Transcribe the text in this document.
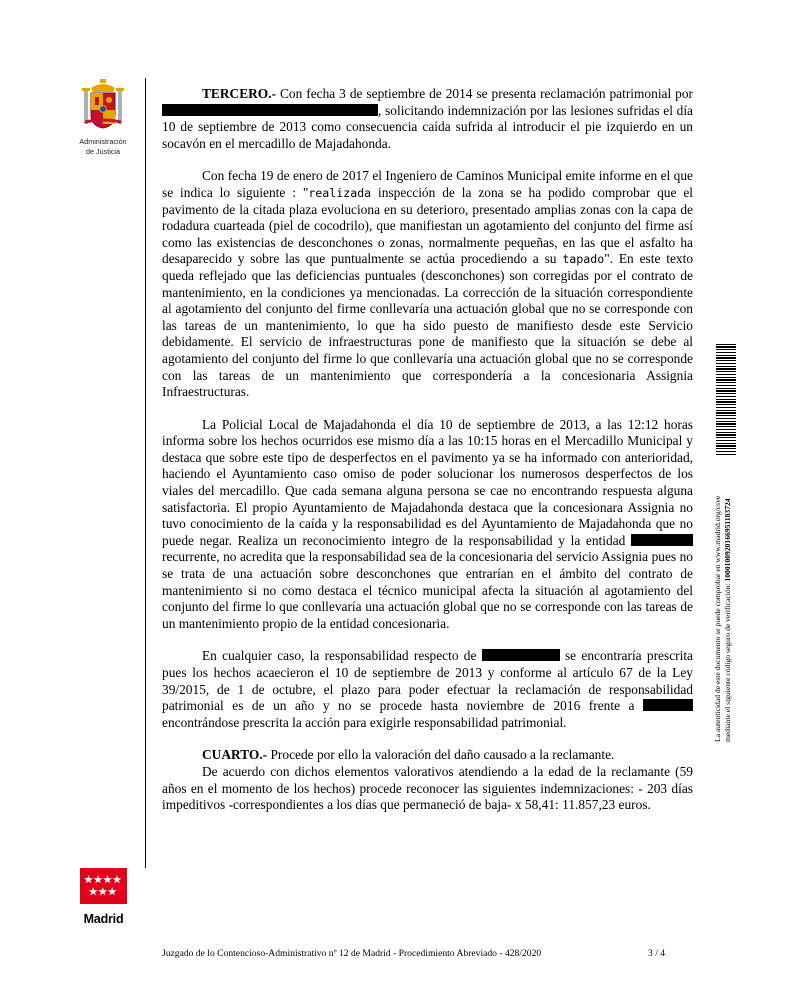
Administración
de Justicia

TERCERO.- Con fecha 3 de septiembre de 2014 se presenta reclamación patrimonial por , solicitando indemnización por las lesiones sufridas el día 10 de septiembre de 2013 como consecuencia caída sufrida al introducir el pie izquierdo en un socavón en el mercadillo de Majadahonda.

Con fecha 19 de enero de 2017 el Ingeniero de Caminos Municipal emite informe en el que se indica lo siguiente : "realizada inspección de la zona se ha podido comprobar que el pavimento de la citada plaza evoluciona en su deterioro, presentado amplias zonas con la capa de rodadura cuarteada (piel de cocodrilo), que manifiestan un agotamiento del conjunto del firme así como las existencias de desconchones o zonas, normalmente pequeñas, en las que el asfalto ha desaparecido y sobre las que puntualmente se actúa procediendo a su tapado". En este texto queda reflejado que las deficiencias puntuales (desconchones) son corregidas por el contrato de mantenimiento, en la condiciones ya mencionadas. La corrección de la situación correspondiente al agotamiento del conjunto del firme conllevaría una actuación global que no se corresponde con las tareas de un mantenimiento, lo que ha sido puesto de manifiesto desde este Servicio debidamente. El servicio de infraestructuras pone de manifiesto que la situación se debe al agotamiento del conjunto del firme lo que conllevaría una actuación global que no se corresponde con las tareas de un mantenimiento que correspondería a la concesionaria Assignia Infraestructuras.

La Policial Local de Majadahonda el día 10 de septiembre de 2013, a las 12:12 horas informa sobre los hechos ocurridos ese mismo día a las 10:15 horas en el Mercadillo Municipal y destaca que sobre este tipo de desperfectos en el pavimento ya se ha informado con anterioridad, haciendo el Ayuntamiento caso omiso de poder solucionar los numerosos desperfectos de los viales del mercadillo. Que cada semana alguna persona se cae no encontrando respuesta alguna satisfactoria. El propio Ayuntamiento de Majadahonda destaca que la concesionara Assignia no tuvo conocimiento de la caída y la responsabilidad es del Ayuntamiento de Majadahonda que no puede negar. Realiza un reconocimiento integro de la responsabilidad y la entidad  recurrente, no acredita que la responsabilidad sea de la concesionaria del servicio Assignia pues no se trata de una actuación sobre desconchones que entrarían en el ámbito del contrato de mantenimiento si no como destaca el técnico municipal afecta la situación al agotamiento del conjunto del firme lo que conllevaría una actuación global que no se corresponde con las tareas de un mantenimiento propio de la entidad concesionaria.

En cualquier caso, la responsabilidad respecto de	se encontraría prescrita pues los hechos acaecieron el 10 de septiembre de 2013 y conforme al artículo 67 de la Ley 39/2015, de 1 de octubre, el plazo para poder efectuar la reclamación de responsabilidad patrimonial es de un año y no se procede hasta noviembre de 2016 frente a  encontrándose prescrita la acción para exigirle responsabilidad patrimonial.

CUARTO.- Procede por ello la valoración del daño causado a la reclamante.

De acuerdo con dichos elementos valorativos atendiendo a la edad de la reclamante (59 años en el momento de los hechos) procede reconocer las siguientes indemnizaciones: - 203 días impeditivos -correspondientes a los días que permaneció de baja- x 58,41: 11.857,23 euros.

La autenticidad de este documento se puede comprobar en www.madrid.org/csve mediante el siguiente código seguro de verificación: 1000100920166951183724
Madrid
Juzgado de lo Contencioso-Administrativo nº 12 de Madrid - Procedimiento Abreviado - 428/2020	3 / 4
